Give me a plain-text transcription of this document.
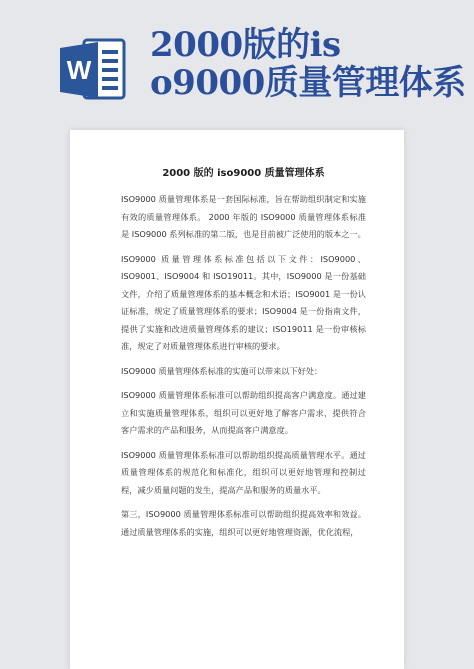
W
2000版的is
o9000质量管理体系
2000 版的 iso9000 质量管理体系

ISO9000 质量管理体系是一套国际标准，旨在帮助组织制定和实施有效的质量管理体系。 2000 年版的 ISO9000 质量管理体系标准是 ISO9000 系列标准的第二版，也是目前被广泛使用的版本之一。

ISO9000 质量管理体系标准包括以下文件：ISO9000、ISO9001、ISO9004 和 ISO19011。其中，ISO9000 是一份基础文件，介绍了质量管理体系的基本概念和术语；ISO9001 是一份认证标准，规定了质量管理体系的要求；ISO9004 是一份指南文件，提供了实施和改进质量管理体系的建议；ISO19011 是一份审核标准，规定了对质量管理体系进行审核的要求。

ISO9000 质量管理体系标准的实施可以带来以下好处：

ISO9000 质量管理体系标准可以帮助组织提高客户满意度。通过建立和实施质量管理体系，组织可以更好地了解客户需求，提供符合客户需求的产品和服务，从而提高客户满意度。

ISO9000 质量管理体系标准可以帮助组织提高质量管理水平。通过质量管理体系的规范化和标准化，组织可以更好地管理和控制过程，减少质量问题的发生，提高产品和服务的质量水平。

第三，ISO9000 质量管理体系标准可以帮助组织提高效率和效益。通过质量管理体系的实施，组织可以更好地管理资源，优化流程，
